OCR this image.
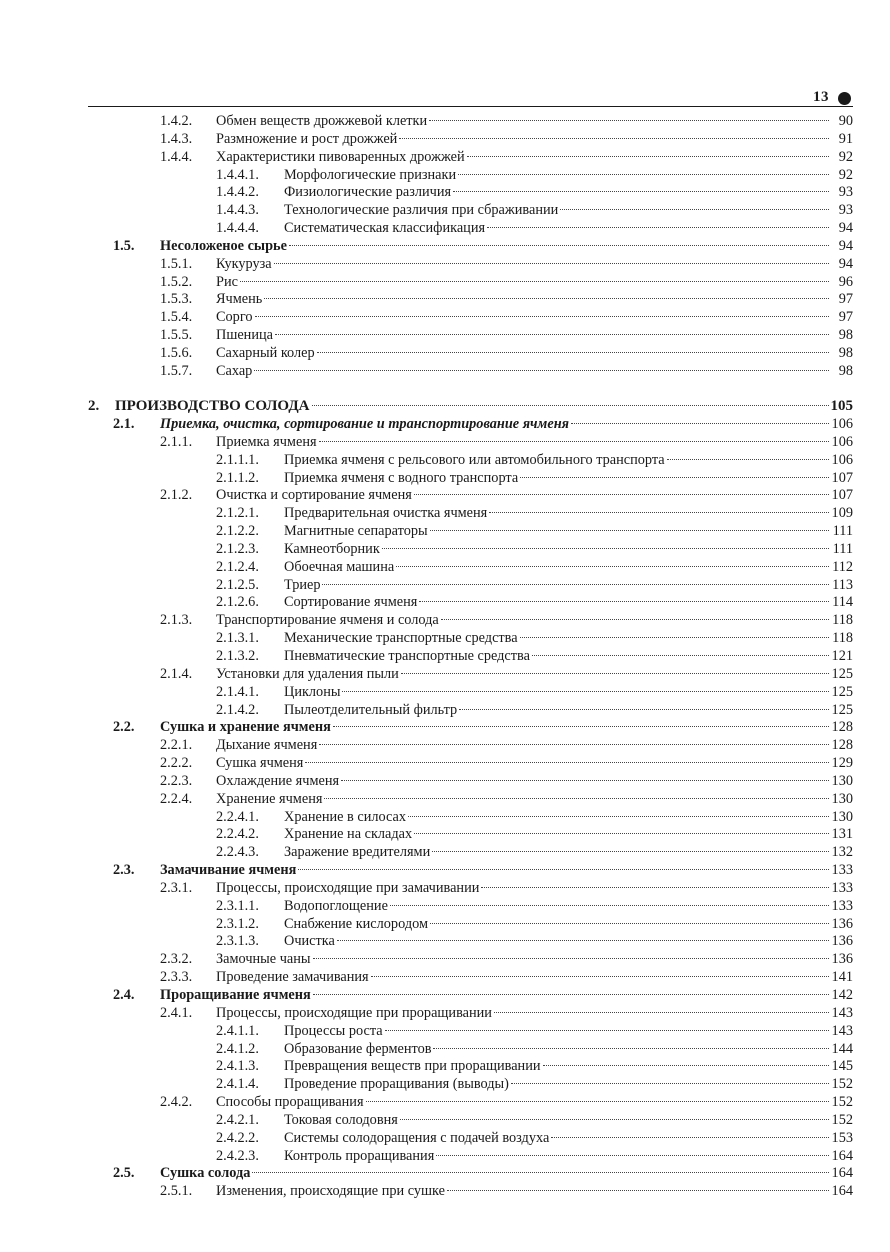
13
1.4.2. Обмен веществ дрожжевой клетки	90
1.4.3. Размножение и рост дрожжей	91
1.4.4. Характеристики пивоваренных дрожжей	92
1.4.4.1. Морфологические признаки	92
1.4.4.2. Физиологические различия	93
1.4.4.3. Технологические различия при сбраживании	93
1.4.4.4. Систематическая классификация	94
1.5. Несоложеное сырье	94
1.5.1. Кукуруза	94
1.5.2. Рис	96
1.5.3. Ячмень	97
1.5.4. Сорго	97
1.5.5. Пшеница	98
1.5.6. Сахарный колер	98
1.5.7. Сахар	98
2. ПРОИЗВОДСТВО СОЛОДА	105
2.1. Приемка, очистка, сортирование и транспортирование ячменя	106
2.1.1. Приемка ячменя	106
2.1.1.1. Приемка ячменя с рельсового или автомобильного транспорта	106
2.1.1.2. Приемка ячменя с водного транспорта	107
2.1.2. Очистка и сортирование ячменя	107
2.1.2.1. Предварительная очистка ячменя	109
2.1.2.2. Магнитные сепараторы	111
2.1.2.3. Камнеотборник	111
2.1.2.4. Обоечная машина	112
2.1.2.5. Триер	113
2.1.2.6. Сортирование ячменя	114
2.1.3. Транспортирование ячменя и солода	118
2.1.3.1. Механические транспортные средства	118
2.1.3.2. Пневматические транспортные средства	121
2.1.4. Установки для удаления пыли	125
2.1.4.1. Циклоны	125
2.1.4.2. Пылеотделительный фильтр	125
2.2. Сушка и хранение ячменя	128
2.2.1. Дыхание ячменя	128
2.2.2. Сушка ячменя	129
2.2.3. Охлаждение ячменя	130
2.2.4. Хранение ячменя	130
2.2.4.1. Хранение в силосах	130
2.2.4.2. Хранение на складах	131
2.2.4.3. Заражение вредителями	132
2.3. Замачивание ячменя	133
2.3.1. Процессы, происходящие при замачивании	133
2.3.1.1. Водопоглощение	133
2.3.1.2. Снабжение кислородом	136
2.3.1.3. Очистка	136
2.3.2. Замочные чаны	136
2.3.3. Проведение замачивания	141
2.4. Проращивание ячменя	142
2.4.1. Процессы, происходящие при проращивании	143
2.4.1.1. Процессы роста	143
2.4.1.2. Образование ферментов	144
2.4.1.3. Превращения веществ при проращивании	145
2.4.1.4. Проведение проращивания (выводы)	152
2.4.2. Способы проращивания	152
2.4.2.1. Токовая солодовня	152
2.4.2.2. Системы солодоращения с подачей воздуха	153
2.4.2.3. Контроль проращивания	164
2.5. Сушка солода	164
2.5.1. Изменения, происходящие при сушке	164
